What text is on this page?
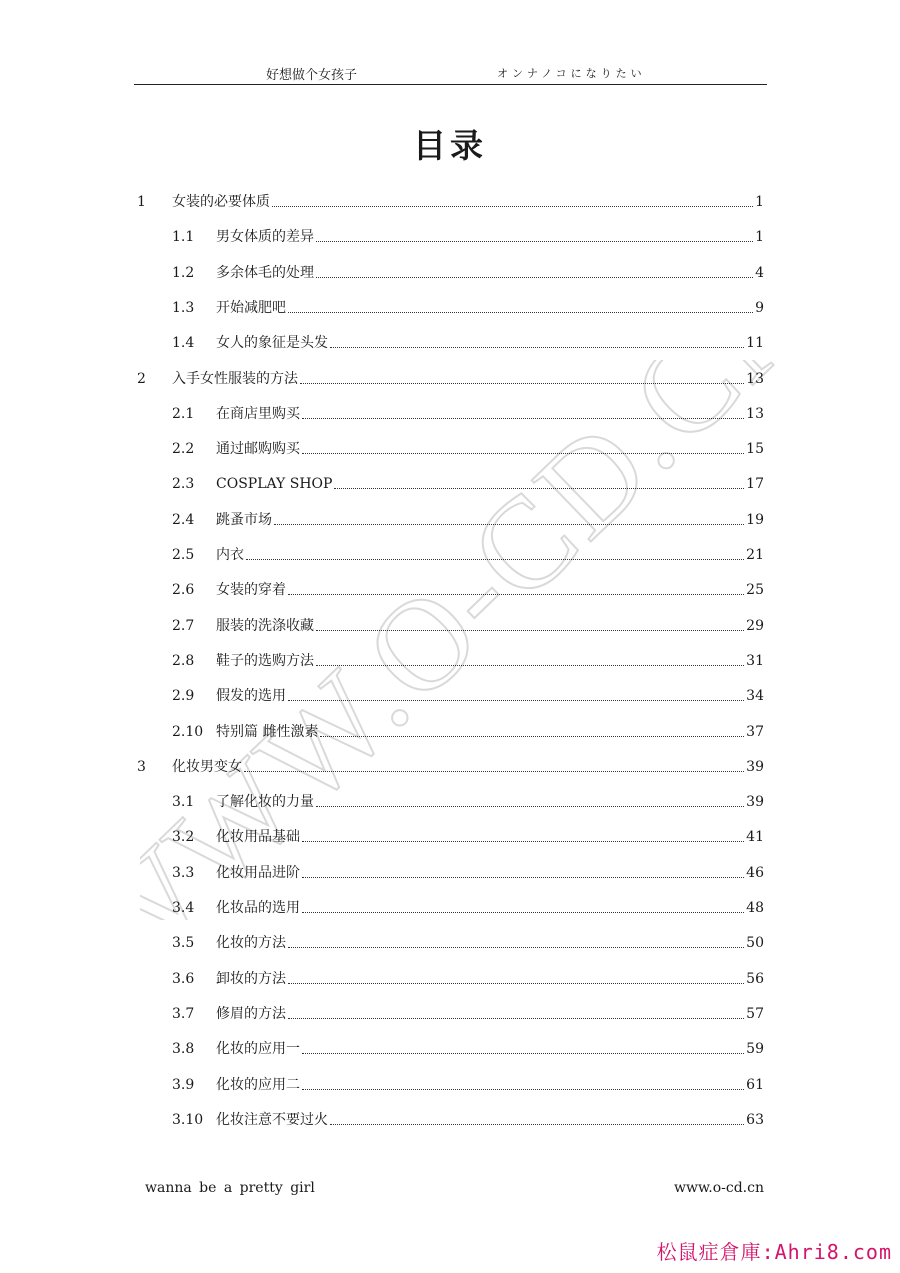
好想做个女孩子	オンナノコになりたい
WWW.O-CD.CN
目录
1	女装的必要体质	1
1.1	男女体质的差异	1
1.2	多余体毛的处理	4
1.3	开始减肥吧	9
1.4	女人的象征是头发	11
2	入手女性服装的方法	13
2.1	在商店里购买	13
2.2	通过邮购购买	15
2.3	COSPLAY SHOP	17
2.4	跳蚤市场	19
2.5	内衣	21
2.6	女装的穿着	25
2.7	服装的洗涤收藏	29
2.8	鞋子的选购方法	31
2.9	假发的选用	34
2.10 特别篇 雌性激素	37
3	化妆男变女	39
3.1	了解化妆的力量	39
3.2	化妆用品基础	41
3.3	化妆用品进阶	46
3.4	化妆品的选用	48
3.5	化妆的方法	50
3.6	卸妆的方法	56
3.7	修眉的方法	57
3.8	化妆的应用一	59
3.9	化妆的应用二	61
3.10 化妆注意不要过火	63
wanna be a pretty girl	www.o-cd.cn
松鼠症倉庫:Ahri8.com
